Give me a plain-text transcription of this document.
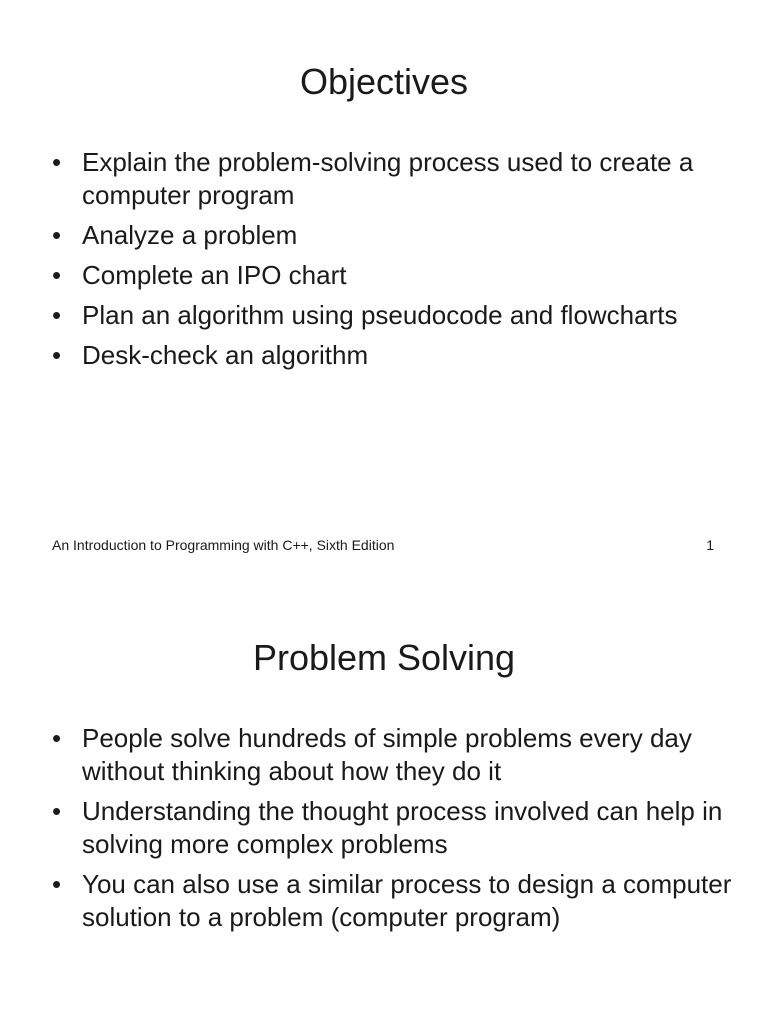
Objectives
• Explain the problem-solving process used to create a computer program
• Analyze a problem
• Complete an IPO chart
• Plan an algorithm using pseudocode and flowcharts
• Desk-check an algorithm
An Introduction to Programming with C++, Sixth Edition	1
Problem Solving
• People solve hundreds of simple problems every day without thinking about how they do it
• Understanding the thought process involved can help in solving more complex problems
• You can also use a similar process to design a computer solution to a problem (computer program)
